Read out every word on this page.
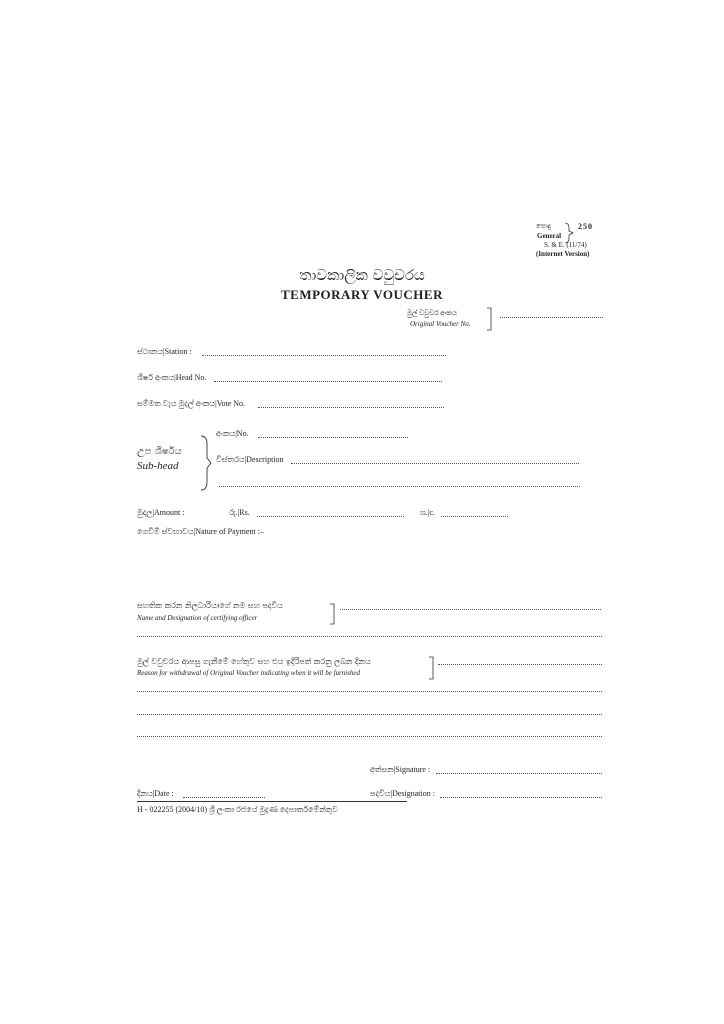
පොදු	250
General
S. & E. (11/74)
(Internet Version)
තාවකාලික වවුචරය
TEMPORARY VOUCHER
මුල් වවුචර අංකය
Original Voucher No.
ස්ථානය|Station :
ශීර්ෂ අංකය|Head No.
සම්මත වැය මුදල් අංකය|Vote No.
අංකය|No.
උප ශීර්ෂය
Sub-head
විස්තරය|Description
මුදල|Amount :	රු.|Rs.	ශ.|c.
ගෙවීම් ස්වභාවය|Nature of Payment :–
සහතික කරන නිලධාරියාගේ නම සහ පදවිය
Name and Designation of certifying officer
මුල් වවුචරය ආපසු ගැනීමේ හේතුව සහ එය ඉදිරිපත් කරනු ලබන දිනය
Reason for withdrawal of Original Voucher indicating when it will be furnished
අත්සන|Signature :
දිනය|Date :	පදවිය|Designation :
H - 022255 (2004/10) ශ්‍රී ලංකා රජයේ මුද්‍රණ දෙපාර්තමේන්තුව
